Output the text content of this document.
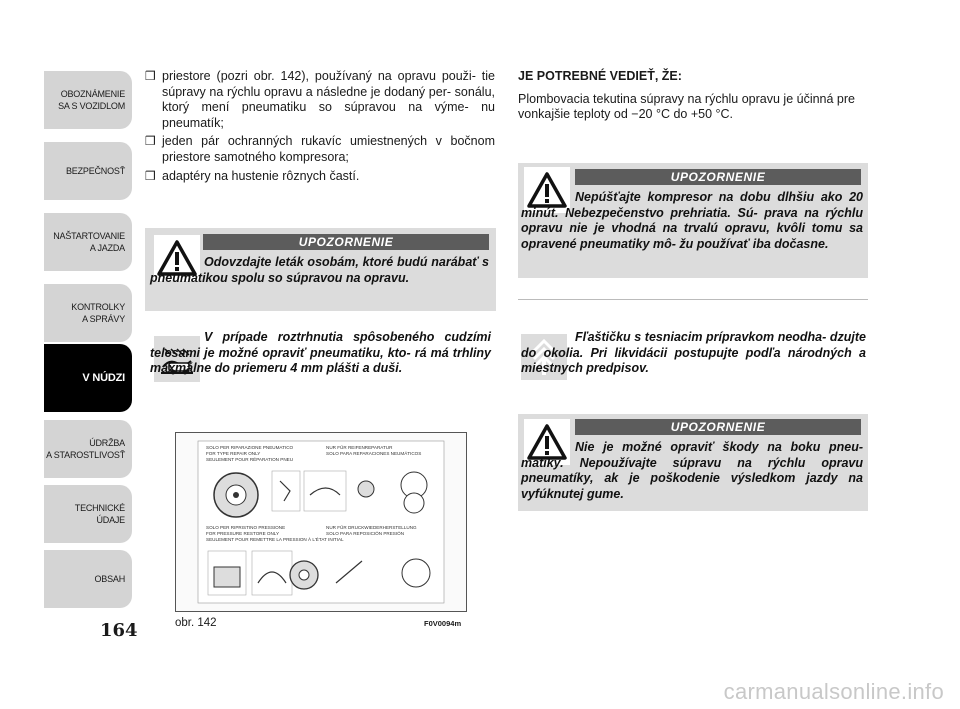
OBOZNÁMENIE
SA S VOZIDLOM
BEZPEČNOSŤ
NAŠTARTOVANIE
A JAZDA
KONTROLKY
A SPRÁVY
V NÚDZI
ÚDRŽBA
A STAROSTLIVOSŤ
TECHNICKÉ
ÚDAJE
OBSAH
164
❒ priestore (pozri obr. 142), používaný na opravu použi- tie súpravy na rýchlu opravu a následne je dodaný per- sonálu, ktorý mení pneumatiku so súpravou na výme- nu pneumatík;
❒ jeden pár ochranných rukavíc umiestnených v bočnom priestore samotného kompresora;
❒ adaptéry na hustenie rôznych častí.
UPOZORNENIE
Odovzdajte leták osobám, ktoré budú narábať s pneumatikou spolu so súpravou na opravu.
V prípade roztrhnutia spôsobeného cudzími telesami je možné opraviť pneumatiku, kto- rá má trhliny maxmálne do priemeru 4 mm plášti a duši.
SOLO PER RIPARAZIONE PNEUMATICO
FOR TYPE REPAIR ONLY
SEULEMENT POUR RÉPARATION PNEU
NUR FÜR REIFENREPARATUR
SOLO PARA REPARACIONES NEUMÁTICOS
SOLO PER RIPRISTINO PRESSIONE
FOR PRESSURE RESTORE ONLY
SEULEMENT POUR REMETTRE LA PRESSION À L'ÉTAT INITIAL
NUR FÜR DRUCKWIEDERHERSTELLUNG
SOLO PARA REPOSICIÓN PRESIÓN
obr. 142	F0V0094m
JE POTREBNÉ VEDIEŤ, ŽE:
Plombovacia tekutina súpravy na rýchlu opravu je účinná pre vonkajšie teploty od −20 °C do +50 °C.
UPOZORNENIE
Nepúšťajte kompresor na dobu dlhšiu ako 20 minút. Nebezpečenstvo prehriatia. Sú- prava na rýchlu opravu nie je vhodná na trvalú opravu, kvôli tomu sa opravené pneumatiky mô- žu používať iba dočasne.
Fľaštičku s tesniacim prípravkom neodha- dzujte do okolia. Pri likvidácii postupujte podľa národných a miestnych predpisov.
UPOZORNENIE
Nie je možné opraviť škody na boku pneu- matiky. Nepoužívajte súpravu na rýchlu opravu pneumatíky, ak je poškodenie výsledkom jazdy na vyfúknutej gume.
carmanualsonline.info
